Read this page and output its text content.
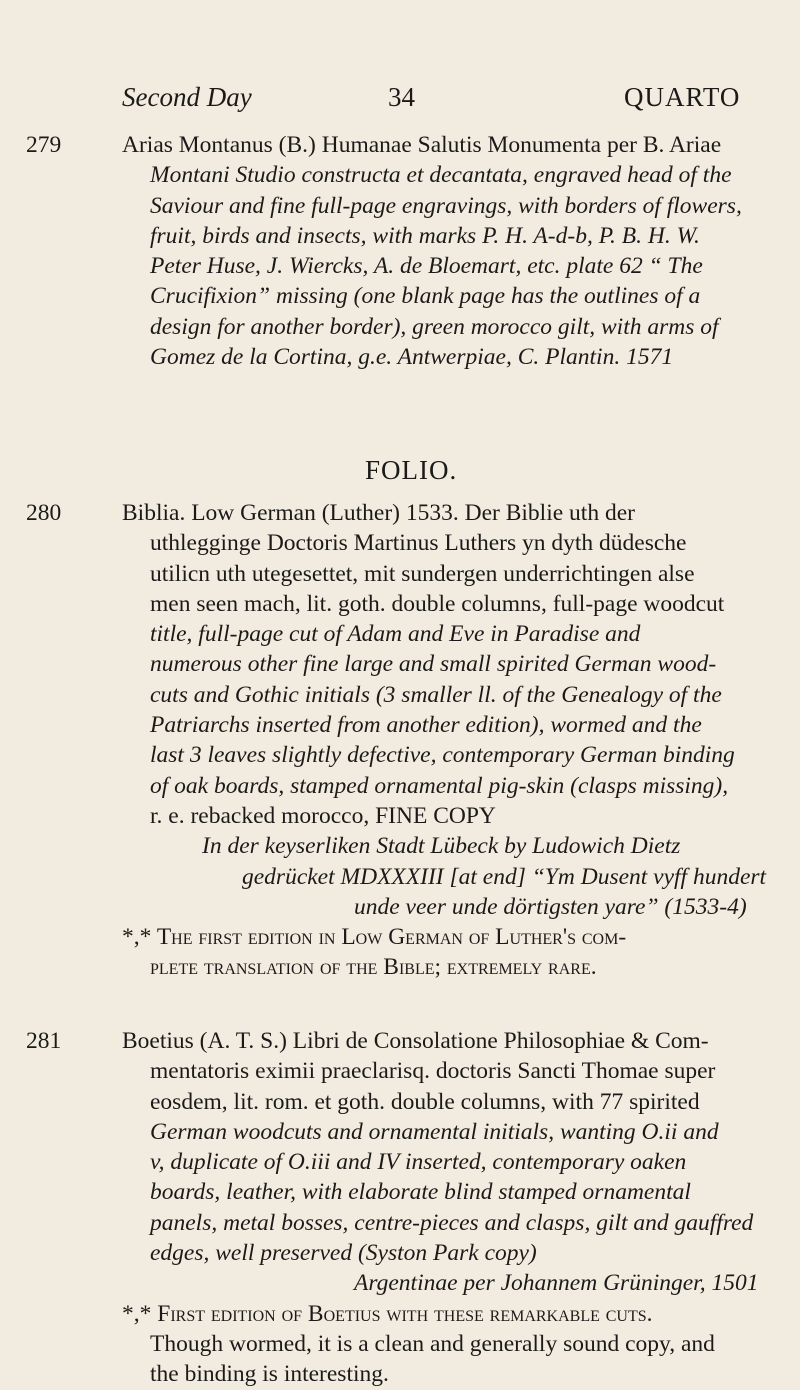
Second Day	34	QUARTO
279	Arias Montanus (B.) Humanae Salutis Monumenta per B. Ariae

Montani Studio constructa et decantata, engraved head of the

Saviour and fine full-page engravings, with borders of flowers,

fruit, birds and insects, with marks P. H. A-d-b, P. B. H. W.

Peter Huse, J. Wiercks, A. de Bloemart, etc. plate 62 “ The

Crucifixion” missing (one blank page has the outlines of a

design for another border), green morocco gilt, with arms of

Gomez de la Cortina, g.e. Antwerpiae, C. Plantin. 1571

FOLIO.
280	Biblia. Low German (Luther) 1533. Der Biblie uth der

uthlegginge Doctoris Martinus Luthers yn dyth düdesche

utilicn uth utegesettet, mit sundergen underrichtingen alse

men seen mach, lit. goth. double columns, full-page woodcut

title, full-page cut of Adam and Eve in Paradise and

numerous other fine large and small spirited German wood-

cuts and Gothic initials (3 smaller ll. of the Genealogy of the

Patriarchs inserted from another edition), wormed and the

last 3 leaves slightly defective, contemporary German binding

of oak boards, stamped ornamental pig-skin (clasps missing),

r. e. rebacked morocco, FINE COPY

In der keyserliken Stadt Lübeck by Ludowich Dietz

gedrücket MDXXXIII [at end] “Ym Dusent vyff hundert

unde veer unde dörtigsten yare” (1533-4)

*,* The first edition in Low German of Luther's com-

plete translation of the Bible; extremely rare.

281	Boetius (A. T. S.) Libri de Consolatione Philosophiae & Com-

mentatoris eximii praeclarisq. doctoris Sancti Thomae super

eosdem, lit. rom. et goth. double columns, with 77 spirited

German woodcuts and ornamental initials, wanting O.ii and

v, duplicate of O.iii and IV inserted, contemporary oaken

boards, leather, with elaborate blind stamped ornamental

panels, metal bosses, centre-pieces and clasps, gilt and gauffred

edges, well preserved (Syston Park copy)

Argentinae per Johannem Grüninger, 1501

*,* First edition of Boetius with these remarkable cuts.

Though wormed, it is a clean and generally sound copy, and

the binding is interesting.
